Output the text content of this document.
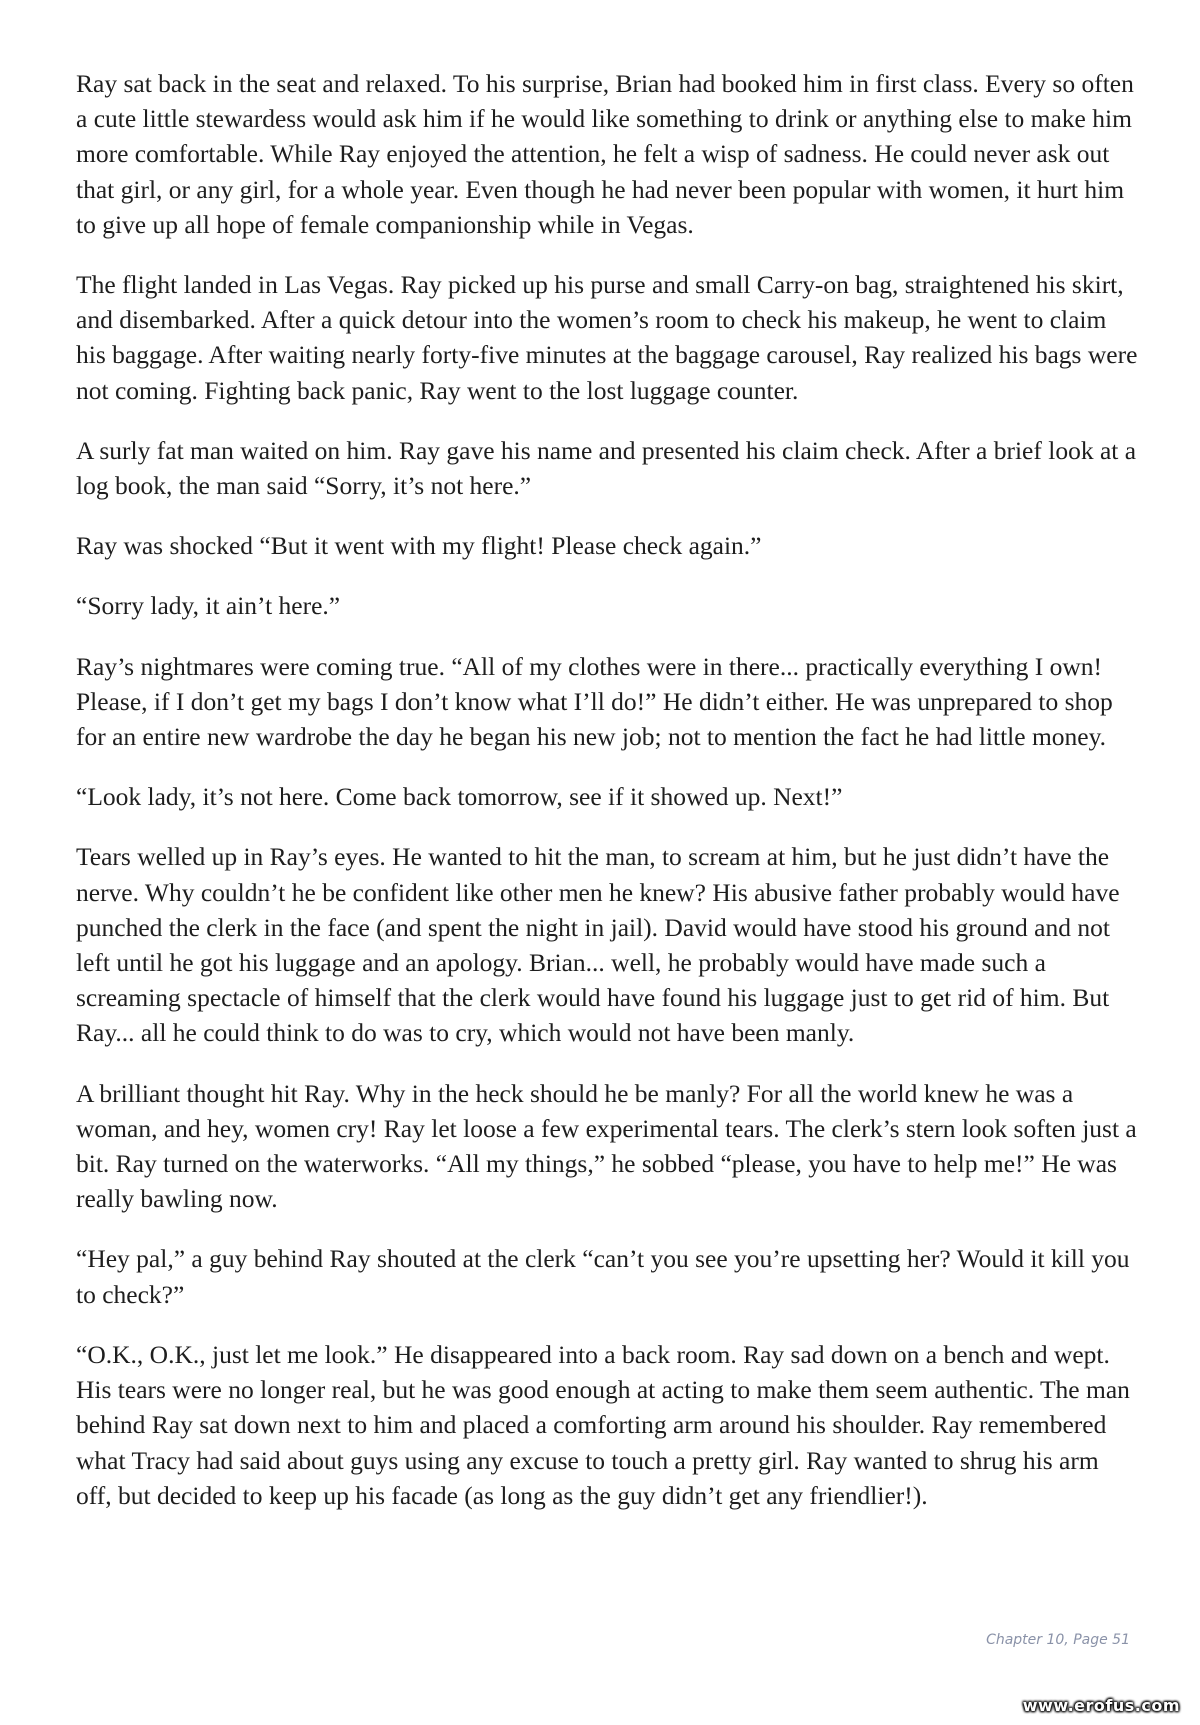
Ray sat back in the seat and relaxed. To his surprise, Brian had booked him in first class. Every so often a cute little stewardess would ask him if he would like something to drink or anything else to make him more comfortable. While Ray enjoyed the attention, he felt a wisp of sadness. He could never ask out that girl, or any girl, for a whole year. Even though he had never been popular with women, it hurt him to give up all hope of female companionship while in Vegas.

The flight landed in Las Vegas. Ray picked up his purse and small Carry-on bag, straightened his skirt, and disembarked. After a quick detour into the women’s room to check his makeup, he went to claim his baggage. After waiting nearly forty-five minutes at the baggage carousel, Ray realized his bags were not coming. Fighting back panic, Ray went to the lost luggage counter.

A surly fat man waited on him. Ray gave his name and presented his claim check. After a brief look at a log book, the man said “Sorry, it’s not here.”

Ray was shocked “But it went with my flight! Please check again.”

“Sorry lady, it ain’t here.”

Ray’s nightmares were coming true. “All of my clothes were in there... practically everything I own! Please, if I don’t get my bags I don’t know what I’ll do!” He didn’t either. He was unprepared to shop for an entire new wardrobe the day he began his new job; not to mention the fact he had little money.

“Look lady, it’s not here. Come back tomorrow, see if it showed up. Next!”

Tears welled up in Ray’s eyes. He wanted to hit the man, to scream at him, but he just didn’t have the nerve. Why couldn’t he be confident like other men he knew? His abusive father probably would have punched the clerk in the face (and spent the night in jail). David would have stood his ground and not left until he got his luggage and an apology. Brian... well, he probably would have made such a screaming spectacle of himself that the clerk would have found his luggage just to get rid of him. But Ray... all he could think to do was to cry, which would not have been manly.

A brilliant thought hit Ray. Why in the heck should he be manly? For all the world knew he was a woman, and hey, women cry! Ray let loose a few experimental tears. The clerk’s stern look soften just a bit. Ray turned on the waterworks. “All my things,” he sobbed “please, you have to help me!” He was really bawling now.

“Hey pal,” a guy behind Ray shouted at the clerk “can’t you see you’re upsetting her? Would it kill you to check?”

“O.K., O.K., just let me look.” He disappeared into a back room. Ray sad down on a bench and wept. His tears were no longer real, but he was good enough at acting to make them seem authentic. The man behind Ray sat down next to him and placed a comforting arm around his shoulder. Ray remembered what Tracy had said about guys using any excuse to touch a pretty girl. Ray wanted to shrug his arm off, but decided to keep up his facade (as long as the guy didn’t get any friendlier!).

Chapter 10, Page 51
www.erofus.com
